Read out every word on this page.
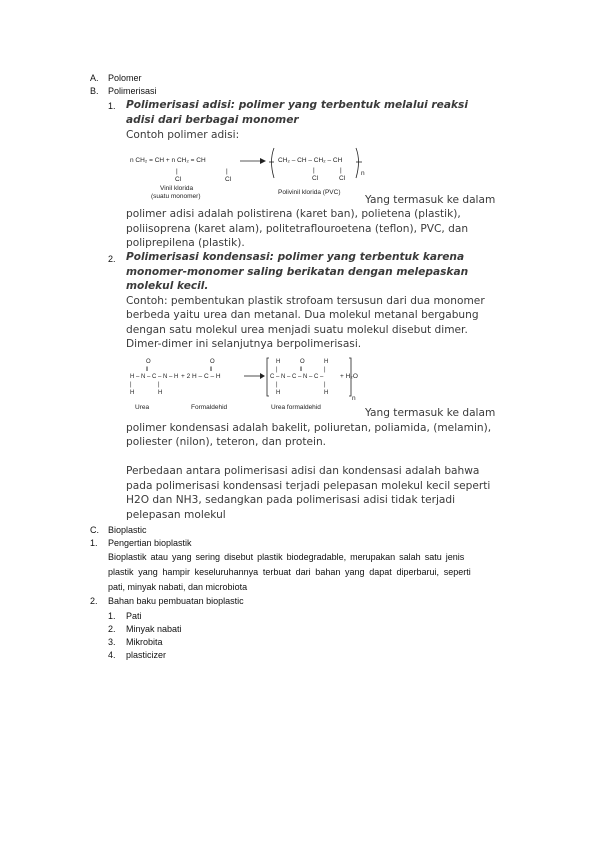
A. Polomer
B. Polimerisasi
1. Polimerisasi adisi: polimer yang terbentuk melalui reaksi
adisi dari berbagai monomer
Contoh polimer adisi:
n CH₂ = CH + n CH₂ = CH
|
Cl
|
Cl
→ CH₂ – CH – CH₂ – CH
|
Cl
|
Cl
n
Vinil klorida
(suatu monomer)
Polivinil klorida (PVC)
Yang termasuk ke dalam
polimer adisi adalah polistirena (karet ban), polietena (plastik),
poliisoprena (karet alam), politetraflouroetena (teflon), PVC, dan
poliprepilena (plastik).
2. Polimerisasi kondensasi: polimer yang terbentuk karena
monomer-monomer saling berikatan dengan melepaskan
molekul kecil.
Contoh: pembentukan plastik strofoam tersusun dari dua monomer
berbeda yaitu urea dan metanal. Dua molekul metanal bergabung
dengan satu molekul urea menjadi suatu molekul disebut dimer.
Dimer-dimer ini selanjutnya berpolimerisasi.
O
‖
H – N – C – N – H
|	|
H	H
O
‖
H	O	H
|	‖	|
C – N – C – N – C –
|	|
H	H
+ 2 H – C – H	+ H₂O
n
Urea	Formaldehid	Urea formaldehid	Yang termasuk ke dalam
polimer kondensasi adalah bakelit, poliuretan, poliamida, (melamin),
poliester (nilon), teteron, dan protein.
Perbedaan antara polimerisasi adisi dan kondensasi adalah bahwa
pada polimerisasi kondensasi terjadi pelepasan molekul kecil seperti
H2O dan NH3, sedangkan pada polimerisasi adisi tidak terjadi
pelepasan molekul
C. Bioplastic
1. Pengertian bioplastik
Bioplastik atau yang sering disebut plastik biodegradable, merupakan salah satu jenis
plastik yang hampir keseluruhannya terbuat dari bahan yang dapat diperbarui, seperti
pati, minyak nabati, dan microbiota
2. Bahan baku pembuatan bioplastic
1. Pati
2. Minyak nabati
3. Mikrobita
4. plasticizer
